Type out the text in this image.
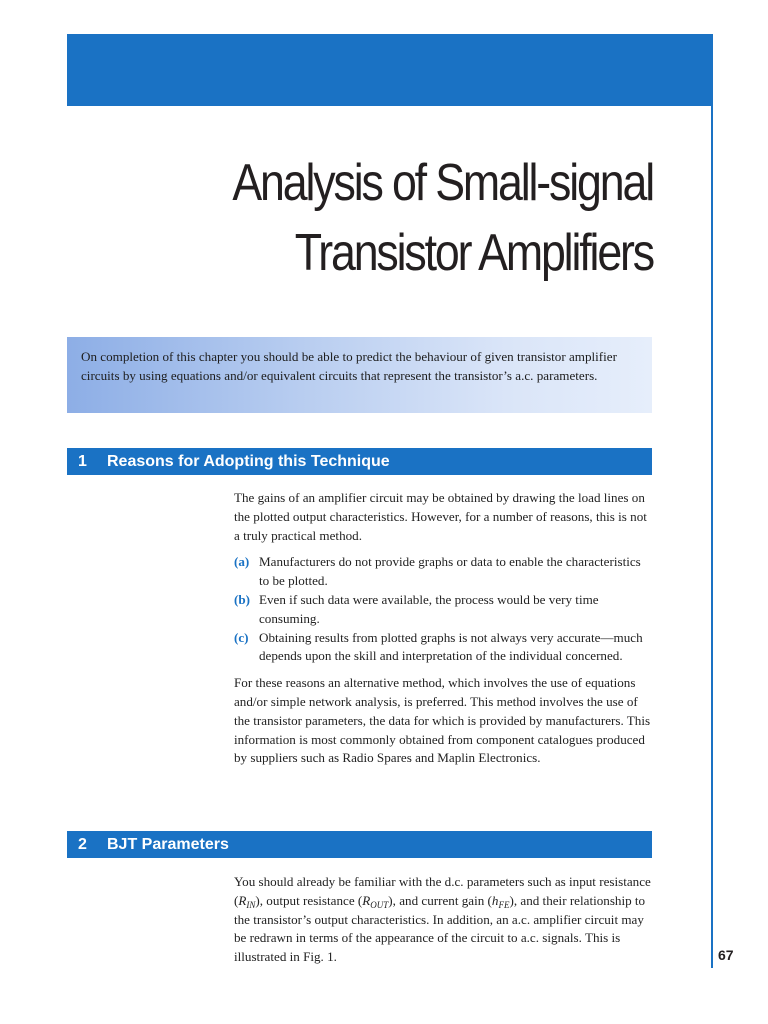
Analysis of Small-signal
Transistor Amplifiers
On completion of this chapter you should be able to predict the behaviour of given transistor amplifier circuits by using equations and/or equivalent circuits that represent the transistor’s a.c. parameters.
1 Reasons for Adopting this Technique

The gains of an amplifier circuit may be obtained by drawing the load lines on the plotted output characteristics. However, for a number of reasons, this is not a truly practical method.

(a) Manufacturers do not provide graphs or data to enable the characteristics to be plotted.
(b) Even if such data were available, the process would be very time consuming.
(c) Obtaining results from plotted graphs is not always very accurate—much depends upon the skill and interpretation of the individual concerned.

For these reasons an alternative method, which involves the use of equations and/or simple network analysis, is preferred. This method involves the use of the transistor parameters, the data for which is provided by manufacturers. This information is most commonly obtained from component catalogues produced by suppliers such as Radio Spares and Maplin Electronics.

2 BJT Parameters

You should already be familiar with the d.c. parameters such as input resistance $(R_{IN})$, output resistance $(R_{OUT})$, and current gain $(h_{FE})$, and their relationship to the transistor’s output characteristics. In addition, an a.c. amplifier circuit may be redrawn in terms of the appearance of the circuit to a.c. signals. This is illustrated in Fig. 1.	67
